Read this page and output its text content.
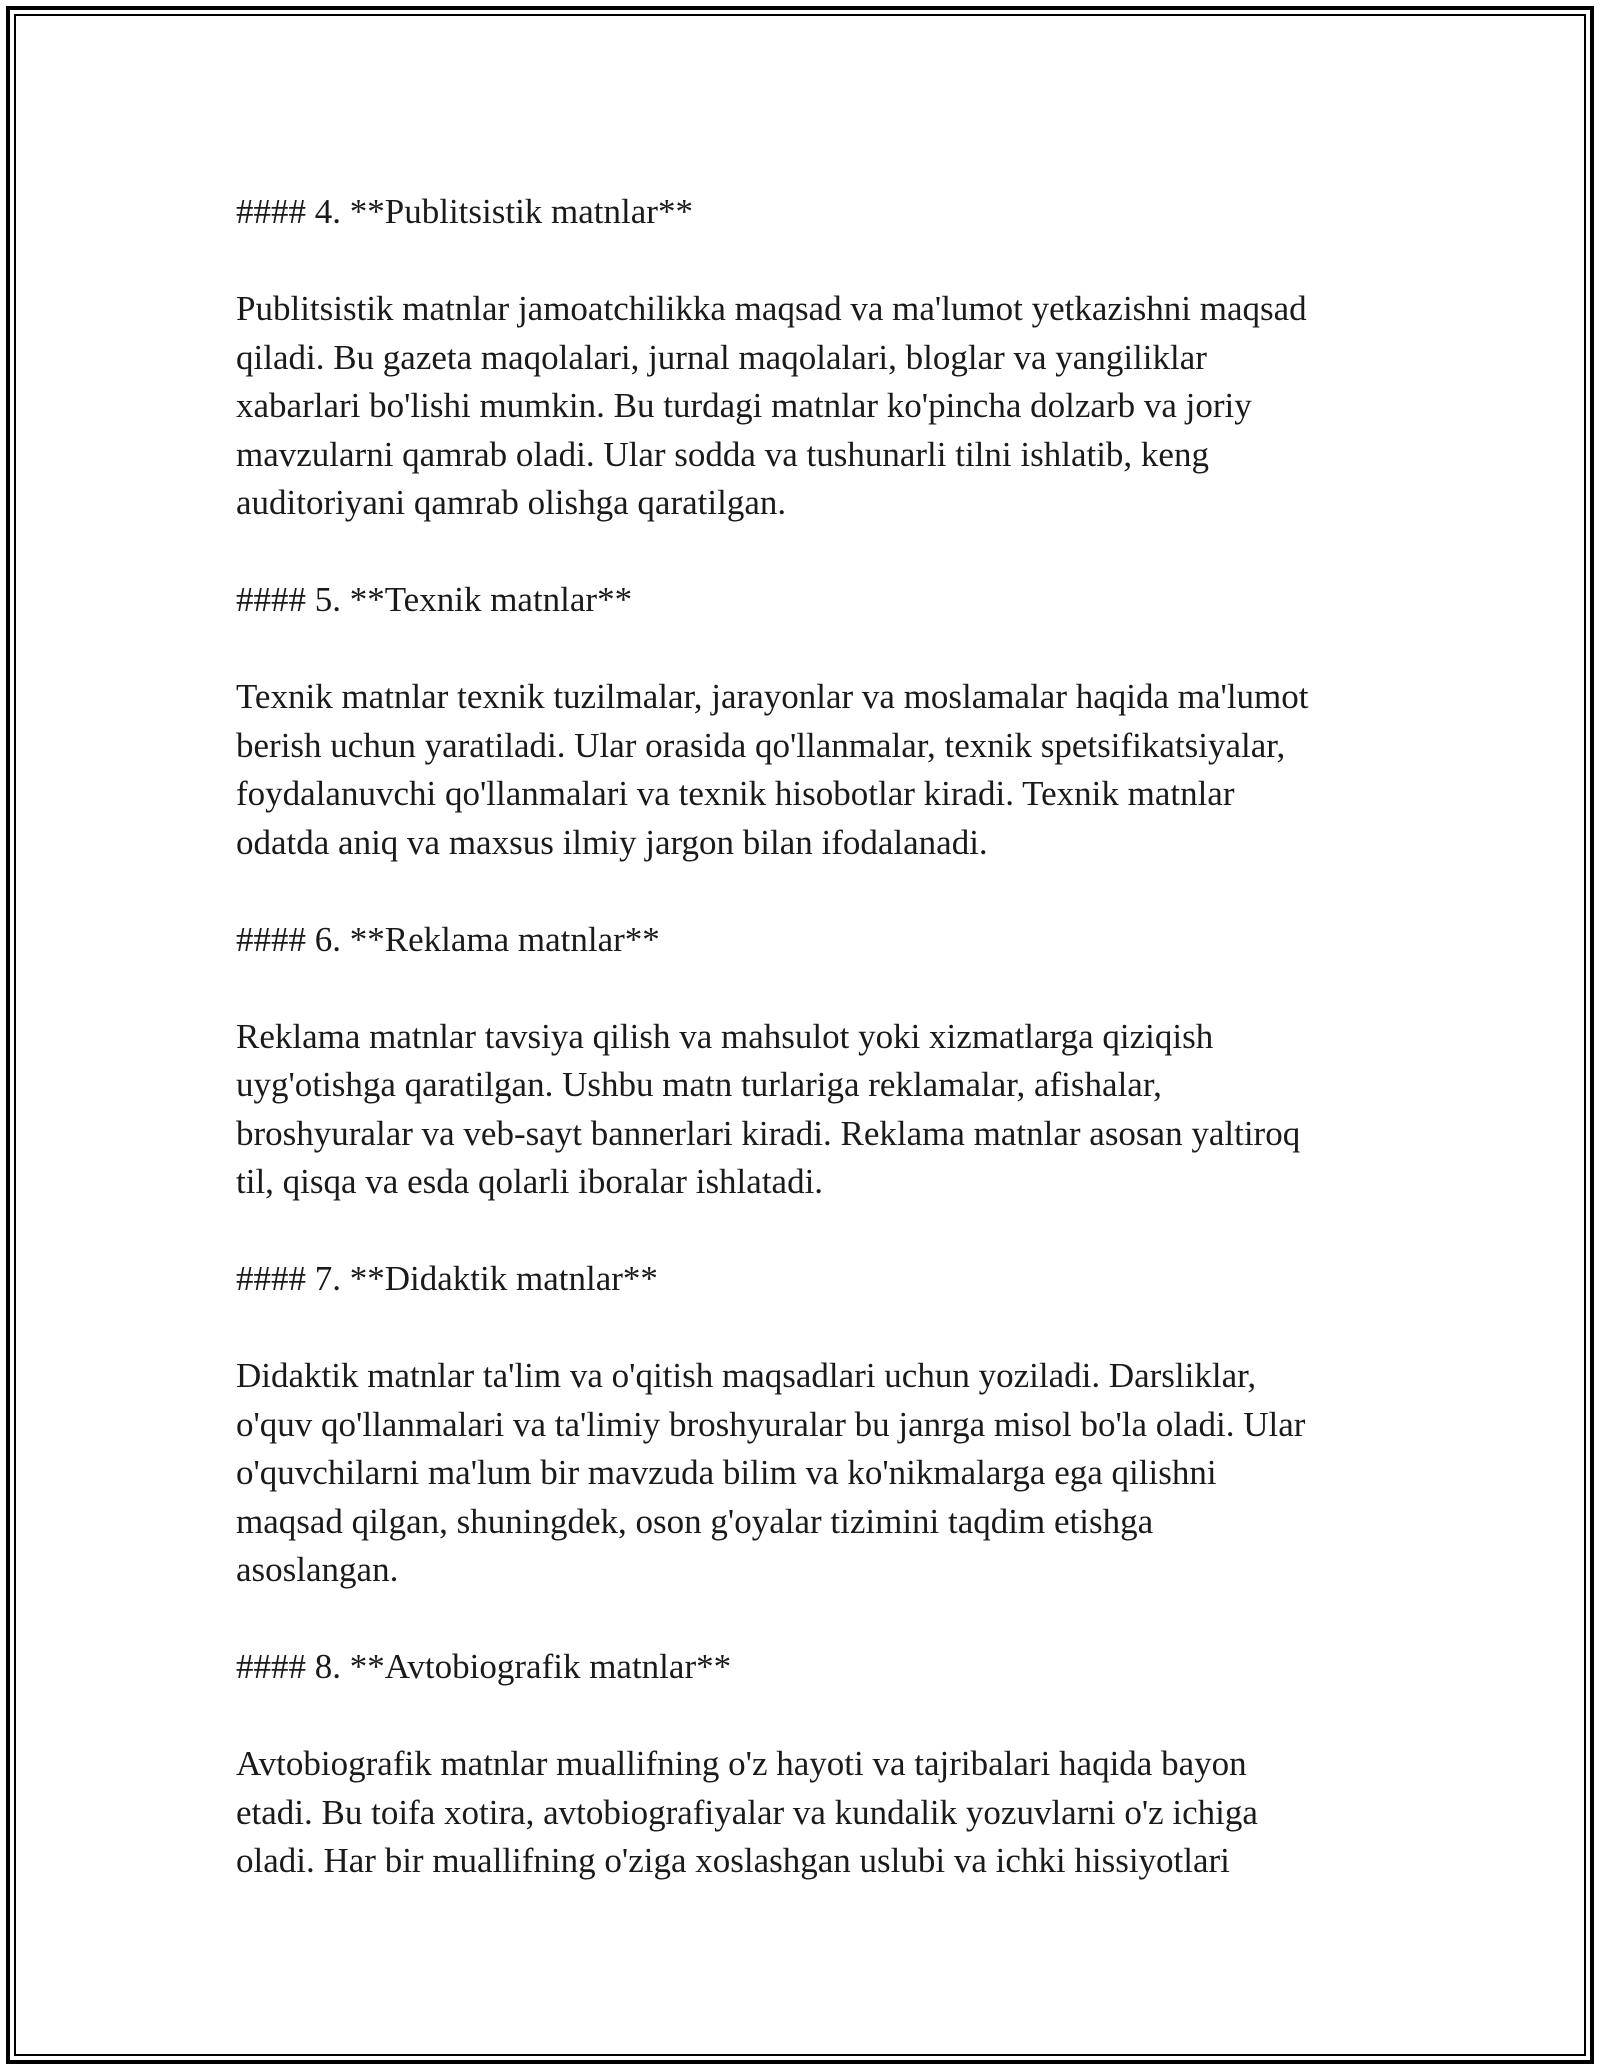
#### 4. **Publitsistik matnlar**
Publitsistik matnlar jamoatchilikka maqsad va ma'lumot yetkazishni maqsad
qiladi. Bu gazeta maqolalari, jurnal maqolalari, bloglar va yangiliklar
xabarlari bo'lishi mumkin. Bu turdagi matnlar ko'pincha dolzarb va joriy
mavzularni qamrab oladi. Ular sodda va tushunarli tilni ishlatib, keng
auditoriyani qamrab olishga qaratilgan.
#### 5. **Texnik matnlar**
Texnik matnlar texnik tuzilmalar, jarayonlar va moslamalar haqida ma'lumot
berish uchun yaratiladi. Ular orasida qo'llanmalar, texnik spetsifikatsiyalar,
foydalanuvchi qo'llanmalari va texnik hisobotlar kiradi. Texnik matnlar
odatda aniq va maxsus ilmiy jargon bilan ifodalanadi.
#### 6. **Reklama matnlar**
Reklama matnlar tavsiya qilish va mahsulot yoki xizmatlarga qiziqish
uyg'otishga qaratilgan. Ushbu matn turlariga reklamalar, afishalar,
broshyuralar va veb-sayt bannerlari kiradi. Reklama matnlar asosan yaltiroq
til, qisqa va esda qolarli iboralar ishlatadi.
#### 7. **Didaktik matnlar**
Didaktik matnlar ta'lim va o'qitish maqsadlari uchun yoziladi. Darsliklar,
o'quv qo'llanmalari va ta'limiy broshyuralar bu janrga misol bo'la oladi. Ular
o'quvchilarni ma'lum bir mavzuda bilim va ko'nikmalarga ega qilishni
maqsad qilgan, shuningdek, oson g'oyalar tizimini taqdim etishga
asoslangan.
#### 8. **Avtobiografik matnlar**
Avtobiografik matnlar muallifning o'z hayoti va tajribalari haqida bayon
etadi. Bu toifa xotira, avtobiografiyalar va kundalik yozuvlarni o'z ichiga
oladi. Har bir muallifning o'ziga xoslashgan uslubi va ichki hissiyotlari
